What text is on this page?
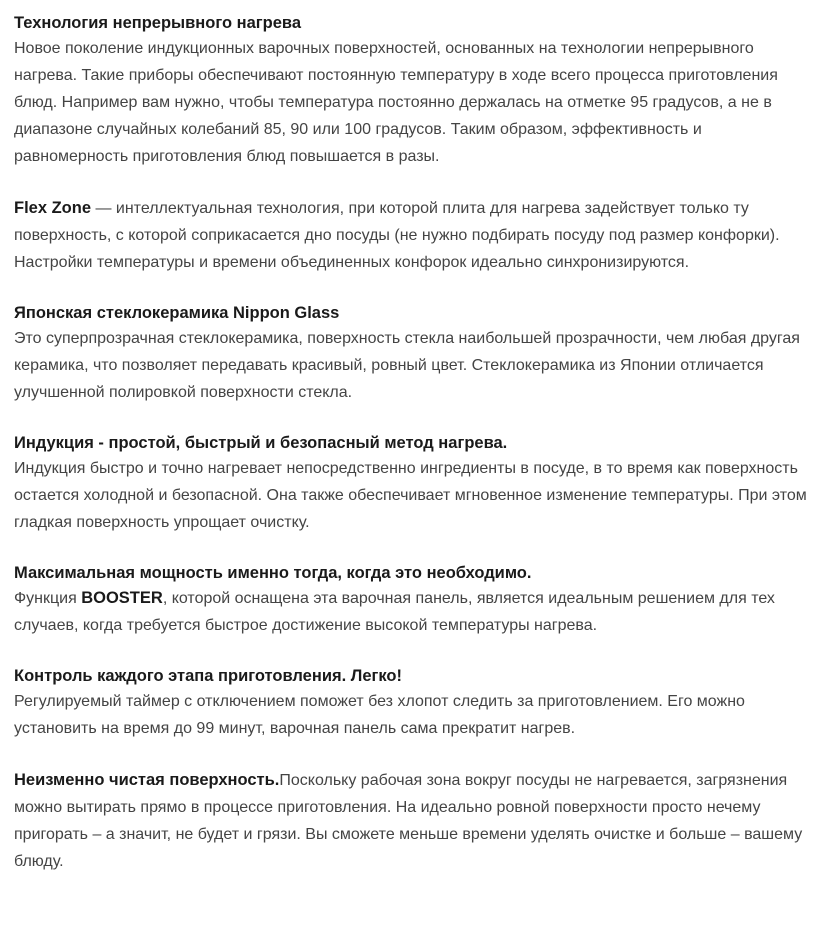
Технология непрерывного нагрева
Новое поколение индукционных варочных поверхностей, основанных на технологии непрерывного нагрева. Такие приборы обеспечивают постоянную температуру в ходе всего процесса приготовления блюд. Например вам нужно, чтобы температура постоянно держалась на отметке 95 градусов, а не в диапазоне случайных колебаний 85, 90 или 100 градусов. Таким образом, эффективность и равномерность приготовления блюд повышается в разы.
Flex Zone — интеллектуальная технология, при которой плита для нагрева задействует только ту поверхность, с которой соприкасается дно посуды (не нужно подбирать посуду под размер конфорки). Настройки температуры и времени объединенных конфорок идеально синхронизируются.
Японская стеклокерамика Nippon Glass
Это суперпрозрачная стеклокерамика, поверхность стекла наибольшей прозрачности, чем любая другая керамика, что позволяет передавать красивый, ровный цвет. Стеклокерамика из Японии отличается улучшенной полировкой поверхности стекла.
Индукция - простой, быстрый и безопасный метод нагрева.
Индукция быстро и точно нагревает непосредственно ингредиенты в посуде, в то время как поверхность остается холодной и безопасной. Она также обеспечивает мгновенное изменение температуры. При этом гладкая поверхность упрощает очистку.
Максимальная мощность именно тогда, когда это необходимо.
Функция BOOSTER, которой оснащена эта варочная панель, является идеальным решением для тех случаев, когда требуется быстрое достижение высокой температуры нагрева.
Контроль каждого этапа приготовления. Легко!
Регулируемый таймер с отключением поможет без хлопот следить за приготовлением. Его можно установить на время до 99 минут, варочная панель сама прекратит нагрев.
Неизменно чистая поверхность.Поскольку рабочая зона вокруг посуды не нагревается, загрязнения можно вытирать прямо в процессе приготовления. На идеально ровной поверхности просто нечему пригорать – а значит, не будет и грязи. Вы сможете меньше времени уделять очистке и больше – вашему блюду.
